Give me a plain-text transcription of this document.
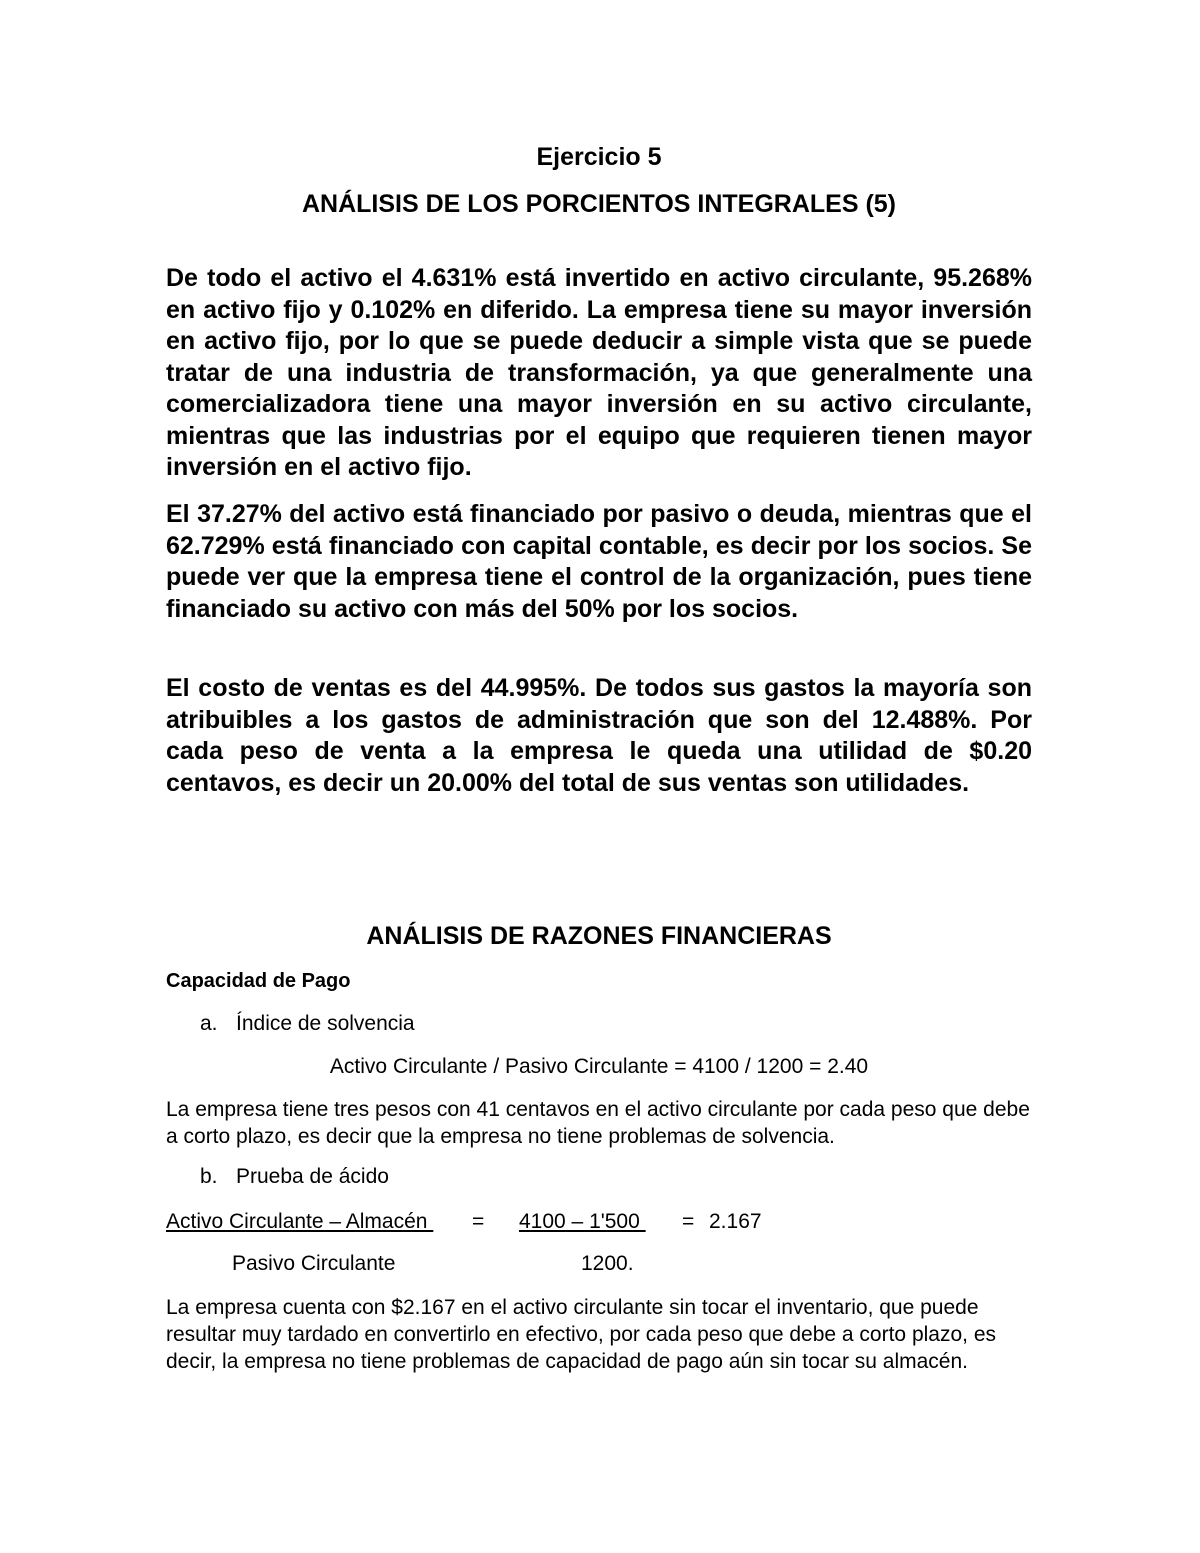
Ejercicio 5
ANÁLISIS DE LOS PORCIENTOS INTEGRALES (5)

De todo el activo el 4.631% está invertido en activo circulante, 95.268% en activo fijo y 0.102% en diferido. La empresa tiene su mayor inversión en activo fijo, por lo que se puede deducir a simple vista que se puede tratar de una industria de transformación, ya que generalmente una comercializadora tiene una mayor inversión en su activo circulante, mientras que las industrias por el equipo que requieren tienen mayor inversión en el activo fijo.

El 37.27% del activo está financiado por pasivo o deuda, mientras que el 62.729% está financiado con capital contable, es decir por los socios. Se puede ver que la empresa tiene el control de la organización, pues tiene financiado su activo con más del 50% por los socios.

El costo de ventas es del 44.995%. De todos sus gastos la mayoría son atribuibles a los gastos de administración que son del 12.488%. Por cada peso de venta a la empresa le queda una utilidad de $0.20 centavos, es decir un 20.00% del total de sus ventas son utilidades.

ANÁLISIS DE RAZONES FINANCIERAS
Capacidad de Pago
a. Índice de solvencia
Activo Circulante / Pasivo Circulante = 4100 / 1200 = 2.40

La empresa tiene tres pesos con 41 centavos en el activo circulante por cada peso que debe a corto plazo, es decir que la empresa no tiene problemas de solvencia.

b. Prueba de ácido
Activo Circulante – Almacén = 4100 – 1'500 = 2.167
Pasivo Circulante	1200.

La empresa cuenta con $2.167 en el activo circulante sin tocar el inventario, que puede resultar muy tardado en convertirlo en efectivo, por cada peso que debe a corto plazo, es decir, la empresa no tiene problemas de capacidad de pago aún sin tocar su almacén.
